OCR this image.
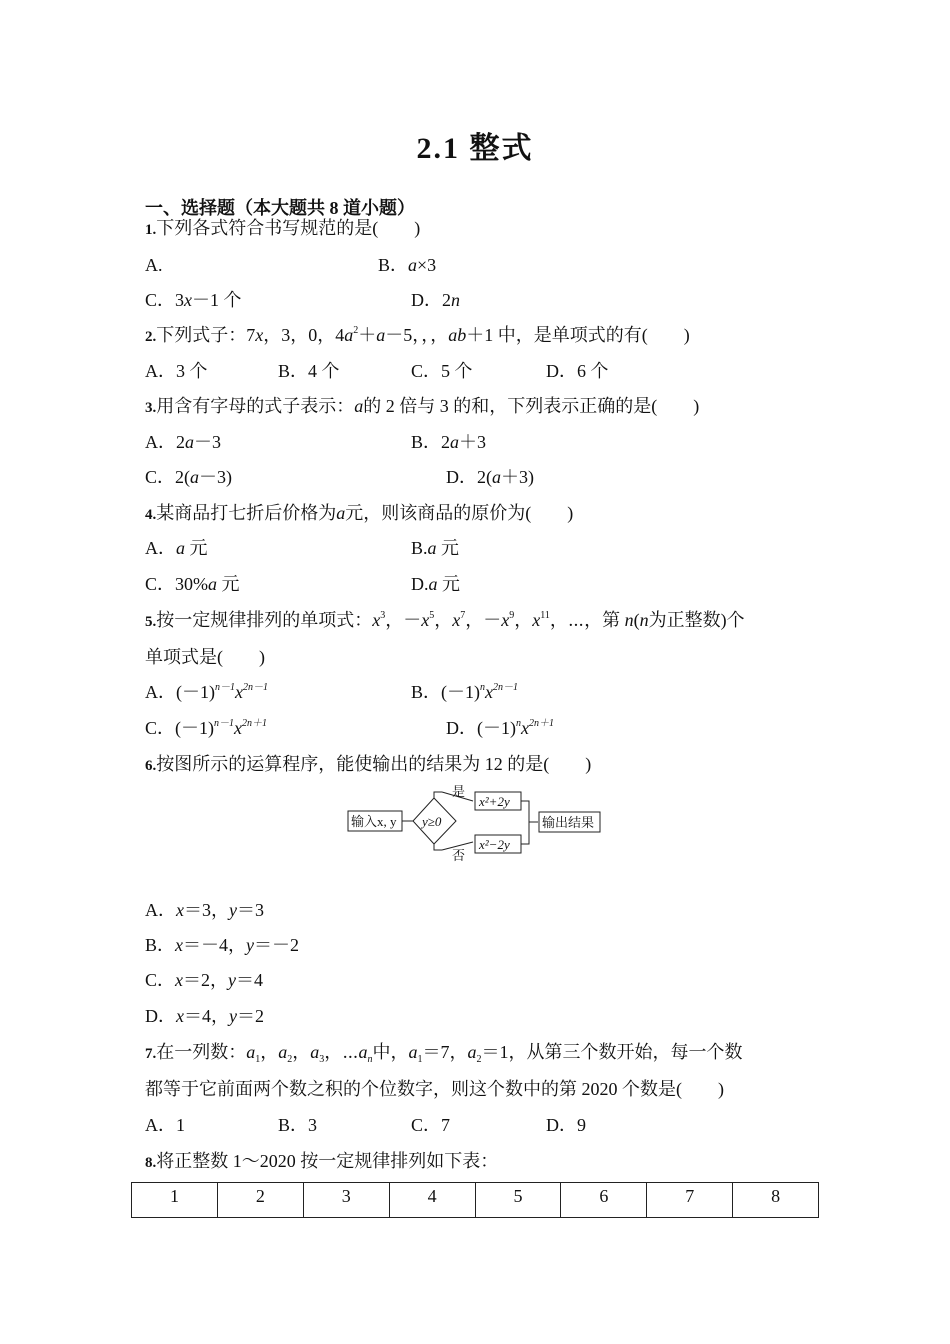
2.1 整式
一、选择题（本大题共 8 道小题）
1.下列各式符合书写规范的是(　　)
A.	B．a×3
C．3x－1 个	D．2n
2.下列式子：7x，3，0，$4a^2+a-5$，，，ab＋1 中，是单项式的有(　　)
A．3 个	B．4 个	C．5 个	D．6 个
3.用含有字母的式子表示：a的 2 倍与 3 的和，下列表示正确的是(　　)
A．2a－3	B．2a＋3
C．2(a－3)	D．2(a＋3)
4.某商品打七折后价格为a元，则该商品的原价为(　　)
A．a 元	B.a 元
C．30%a 元	D.a 元
5.按一定规律排列的单项式：$x^3$，$-x^5$，$x^7$，$-x^9$，$x^{11}$，⋯，第 n(n为正整数)个
单项式是(　　)
A．$(-1)^{n-1}x^{2n-1}$	B．$(-1)^nx^{2n-1}$
C．$(-1)^{n-1}x^{2n+1}$	D．$(-1)^nx^{2n+1}$
6.按图所示的运算程序，能使输出的结果为 12 的是(　　)
输入x, y y≥0
是
x²+2y
否
x²−2y
输出结果
A．x＝3，y＝3
B．x＝－4，y＝－2
C．x＝2，y＝4
D．x＝4，y＝2
7.在一列数：$a_1$，$a_2$，$a_3$，$\cdots a_n$中，$a_1=7$，$a_2=1$，从第三个数开始，每一个数
都等于它前面两个数之积的个位数字，则这个数中的第 2020 个数是(　　)
A．1	B．3	C．7	D．9
8.将正整数 1～2020 按一定规律排列如下表：
1	2	3	4	5	6	7	8
